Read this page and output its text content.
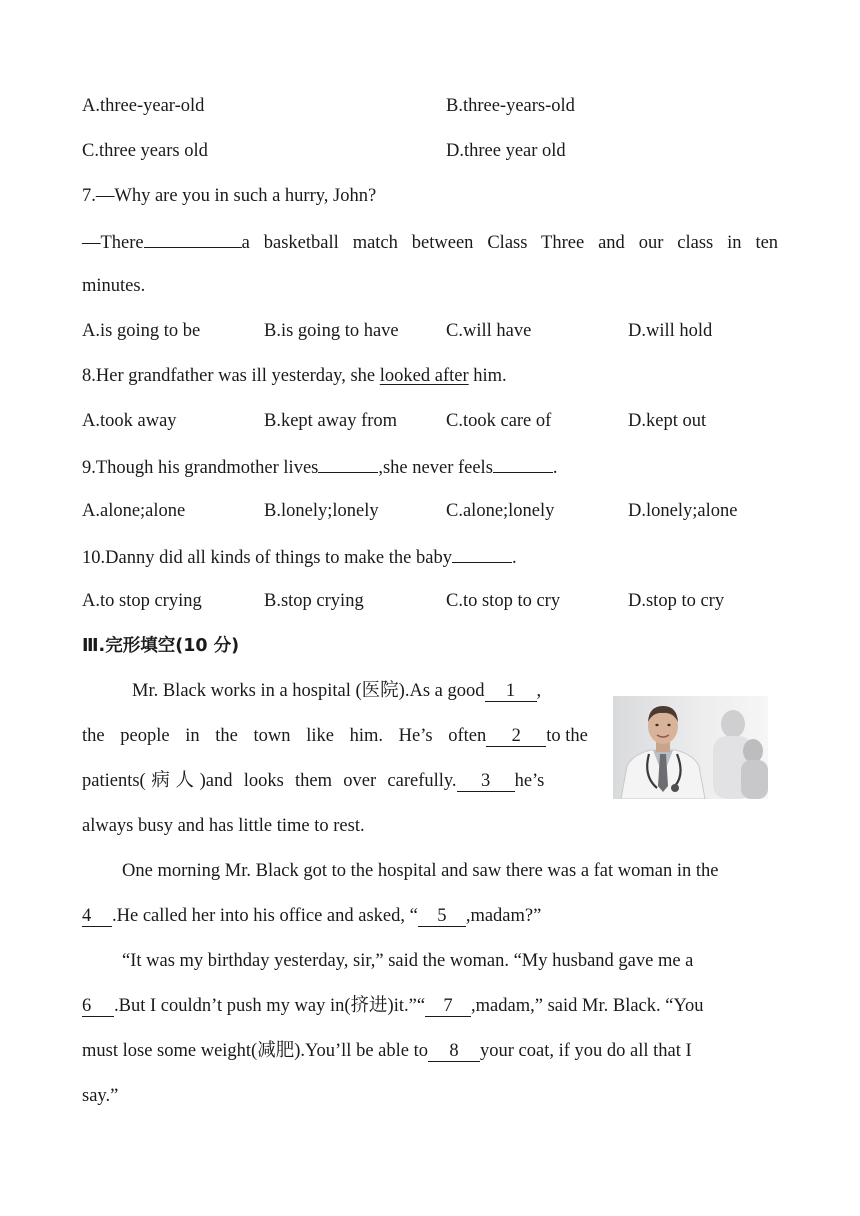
A.three-year-old	B.three-years-old
C.three years old	D.three year old
7.—Why are you in such a hurry, John?
—There	a basketball match between Class Three and our class in ten
minutes.
A.is going to be	B.is going to have	C.will have	D.will hold
8.Her grandfather was ill yesterday, she looked after him.
A.took away	B.kept away from	C.took care of	D.kept out
9.Though his grandmother lives	,she never feels	.
A.alone;alone	B.lonely;lonely	C.alone;lonely	D.lonely;alone
10.Danny did all kinds of things to make the baby	.
A.to stop crying	B.stop crying	C.to stop to cry	D.stop to cry
Ⅲ.完形填空(10 分)
Mr. Black works in a hospital (医院).As a good 1 ,
the people in the town like him. He’s often 2 to the
patients( 病 人 )and  looks  them  over  carefully. 3 he’s
always busy and has little time to rest.
One morning Mr. Black got to the hospital and saw there was a fat woman in the
4 .He called her into his office and asked, “ 5 ,madam?”
“It was my birthday yesterday, sir,” said the woman. “My husband gave me a
6 .But I couldn’t push my way in(挤进)it.”“ 7 ,madam,” said Mr. Black. “You
must lose some weight(减肥).You’ll be able to 8 your coat, if you do all that I
say.”
